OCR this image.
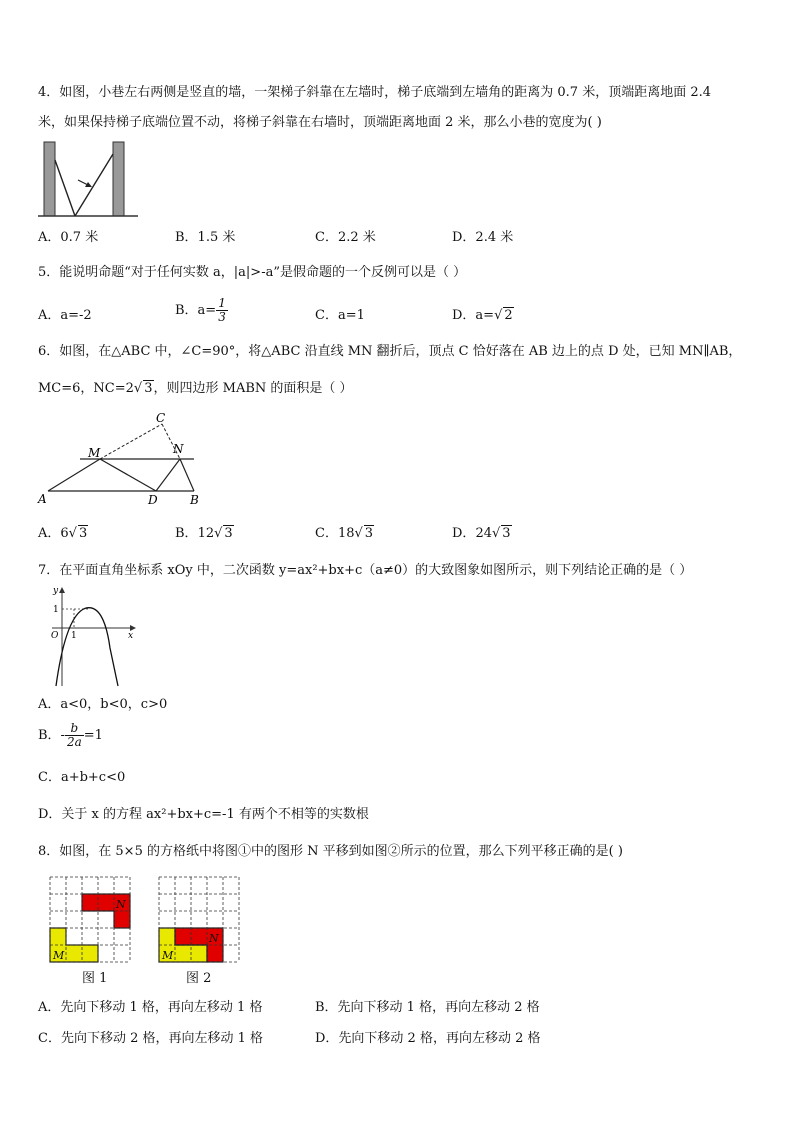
4．如图，小巷左右两侧是竖直的墙，一架梯子斜靠在左墙时，梯子底端到左墙角的距离为 0.7 米，顶端距离地面 2.4
米，如果保持梯子底端位置不动，将梯子斜靠在右墙时，顶端距离地面 2 米，那么小巷的宽度为( )
A．0.7 米	B．1.5 米	C．2.2 米	D．2.4 米
5．能说明命题“对于任何实数 a，|a|>-a”是假命题的一个反例可以是（ ）
A．a=-2	B．$a= \frac{1}{3}$	C．a=1	D．a=√ 2
6．如图，在△ABC 中，∠C=90°，将△ABC 沿直线 MN 翻折后，顶点 C 恰好落在 AB 边上的点 D 处，已知 MN∥AB，
MC=6，NC=2√ 3，则四边形 MABN 的面积是（ ）
C
M	N
A	D	B
A．6√ 3	B．12√ 3	C．18√ 3	D．24√ 3
7．在平面直角坐标系 xOy 中，二次函数 y=ax²+bx+c（a≠0）的大致图象如图所示，则下列结论正确的是（ ）
y
x
O 1
1
A．a<0，b<0，c>0
B．- $\frac{b}{2a} =1$
C．a+b+c<0
D．关于 x 的方程 ax²+bx+c=-1 有两个不相等的实数根
8．如图，在 5×5 的方格纸中将图①中的图形 N 平移到如图②所示的位置，那么下列平移正确的是( )
N
M
图 1
N
M
图 2
A．先向下移动 1 格，再向左移动 1 格	B．先向下移动 1 格，再向左移动 2 格
C．先向下移动 2 格，再向左移动 1 格	D．先向下移动 2 格，再向左移动 2 格
